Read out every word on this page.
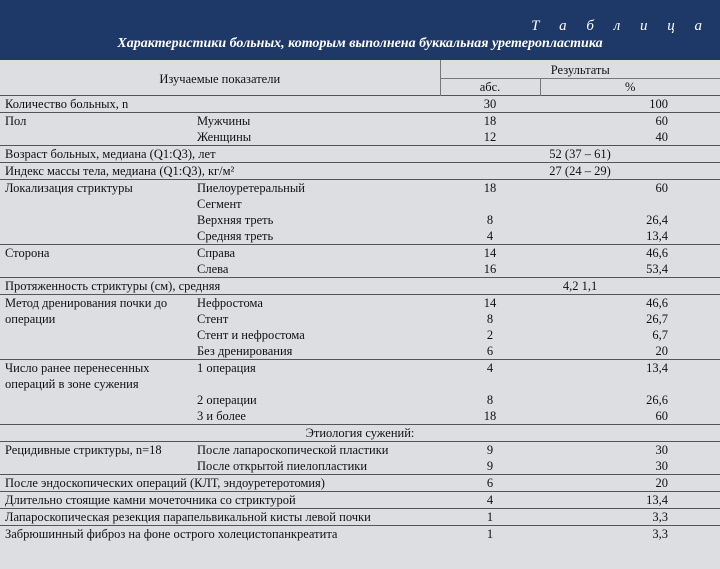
Т а б л и ц а
Характеристики больных, которым выполнена буккальная уретеропластика
Изучаемые показатели		Результаты	
		абс.	%
Количество больных, n		30	100
Пол	Мужчины	18	60
	Женщины	12	40
Возраст больных, медиана (Q1:Q3), лет		52 (37 – 61)	
Индекс массы тела, медиана (Q1:Q3), кг/м²		27 (24 – 29)	
Локализация стриктуры	Пиелоуретеральный	18	60
	Сегмент		
	Верхняя треть	8	26,4
	Средняя треть	4	13,4
Сторона	Справа	14	46,6
	Слева	16	53,4
Протяженность стриктуры (см), средняя		4,2 1,1	
Метод дренирования почки до	Нефростома	14	46,6
операции	Стент	8	26,7
	Стент и нефростома	2	6,7
	Без дренирования	6	20
Число ранее перенесенных	1 операция	4	13,4
операций в зоне сужения			
	2 операции	8	26,6
	3 и более	18	60
Этиология сужений:			
Рецидивные стриктуры, n=18	После лапароскопической пластики	9	30
	После открытой пиелопластики	9	30
После эндоскопических операций (КЛТ, эндоуретеротомия)		6	20
Длительно стоящие камни мочеточника со стриктурой		4	13,4
Лапароскопическая резекция парапельвикальной кисты левой почки		1	3,3
Забрюшинный фиброз на фоне острого холецистопанкреатита		1	3,3
